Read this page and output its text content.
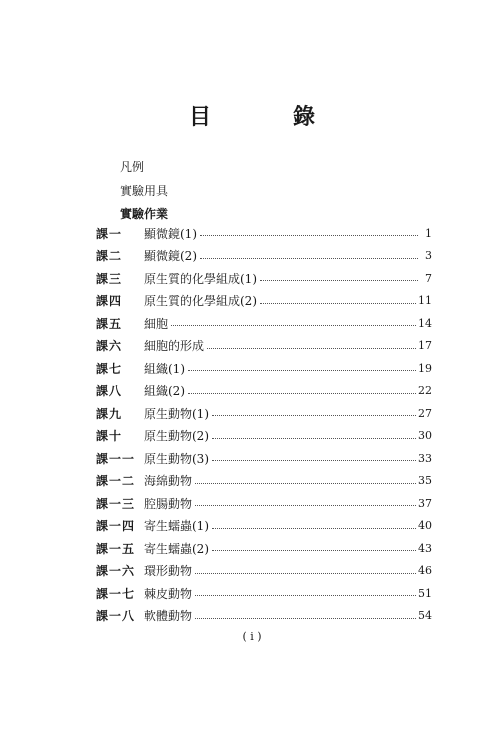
目　錄
凡例
實驗用具
實驗作業
課一	顯微鏡(1)	1
課二	顯微鏡(2)	3
課三	原生質的化學組成(1)	7
課四	原生質的化學組成(2)	11
課五	細胞	14
課六	細胞的形成	17
課七	組織(1)	19
課八	組織(2)	22
課九	原生動物(1)	27
課十	原生動物(2)	30
課一一 原生動物(3)	33
課一二 海綿動物	35
課一三 腔腸動物	37
課一四 寄生蠕蟲(1)	40
課一五 寄生蠕蟲(2)	43
課一六 環形動物	46
課一七 棘皮動物	51
課一八 軟體動物	54
( i )
